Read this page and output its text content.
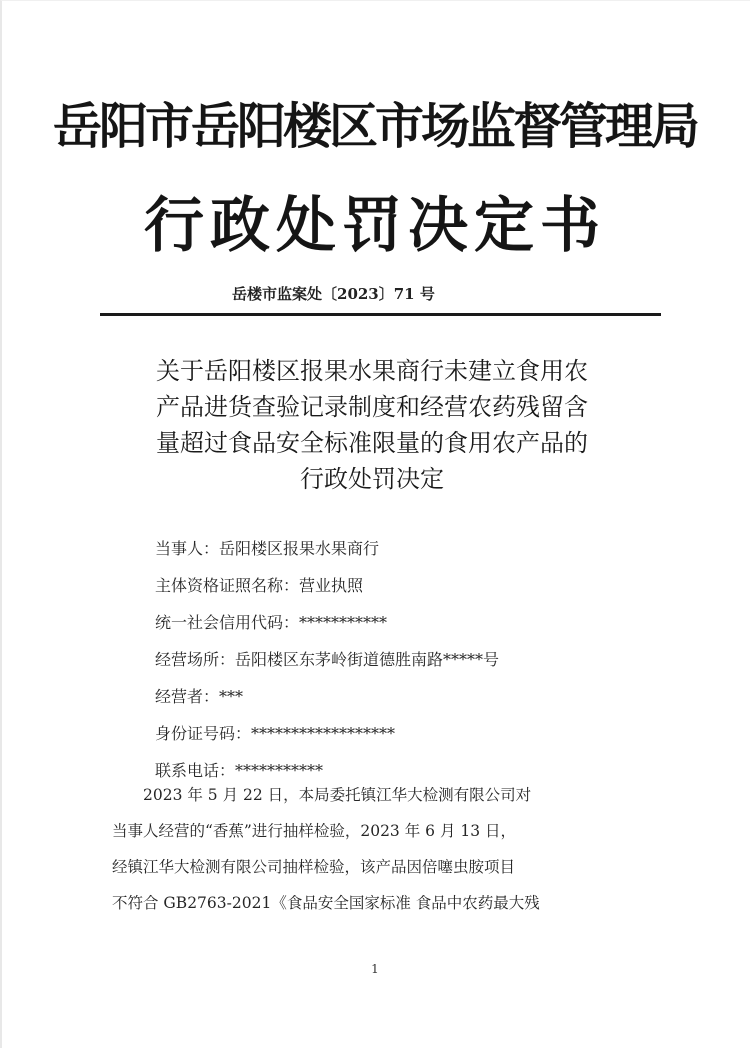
岳阳市岳阳楼区市场监督管理局
行政处罚决定书
岳楼市监案处〔2023〕71 号
关于岳阳楼区报果水果商行未建立食用农
产品进货查验记录制度和经营农药残留含
量超过食品安全标准限量的食用农产品的
行政处罚决定
当事人：岳阳楼区报果水果商行
主体资格证照名称：营业执照
统一社会信用代码：***********
经营场所：岳阳楼区东茅岭街道德胜南路*****号
经营者：***
身份证号码：******************
联系电话：***********
2023 年 5 月 22 日，本局委托镇江华大检测有限公司对
当事人经营的“香蕉”进行抽样检验，2023 年 6 月 13 日，
经镇江华大检测有限公司抽样检验，该产品因倍噻虫胺项目
不符合 GB2763-2021《食品安全国家标准 食品中农药最大残
1
